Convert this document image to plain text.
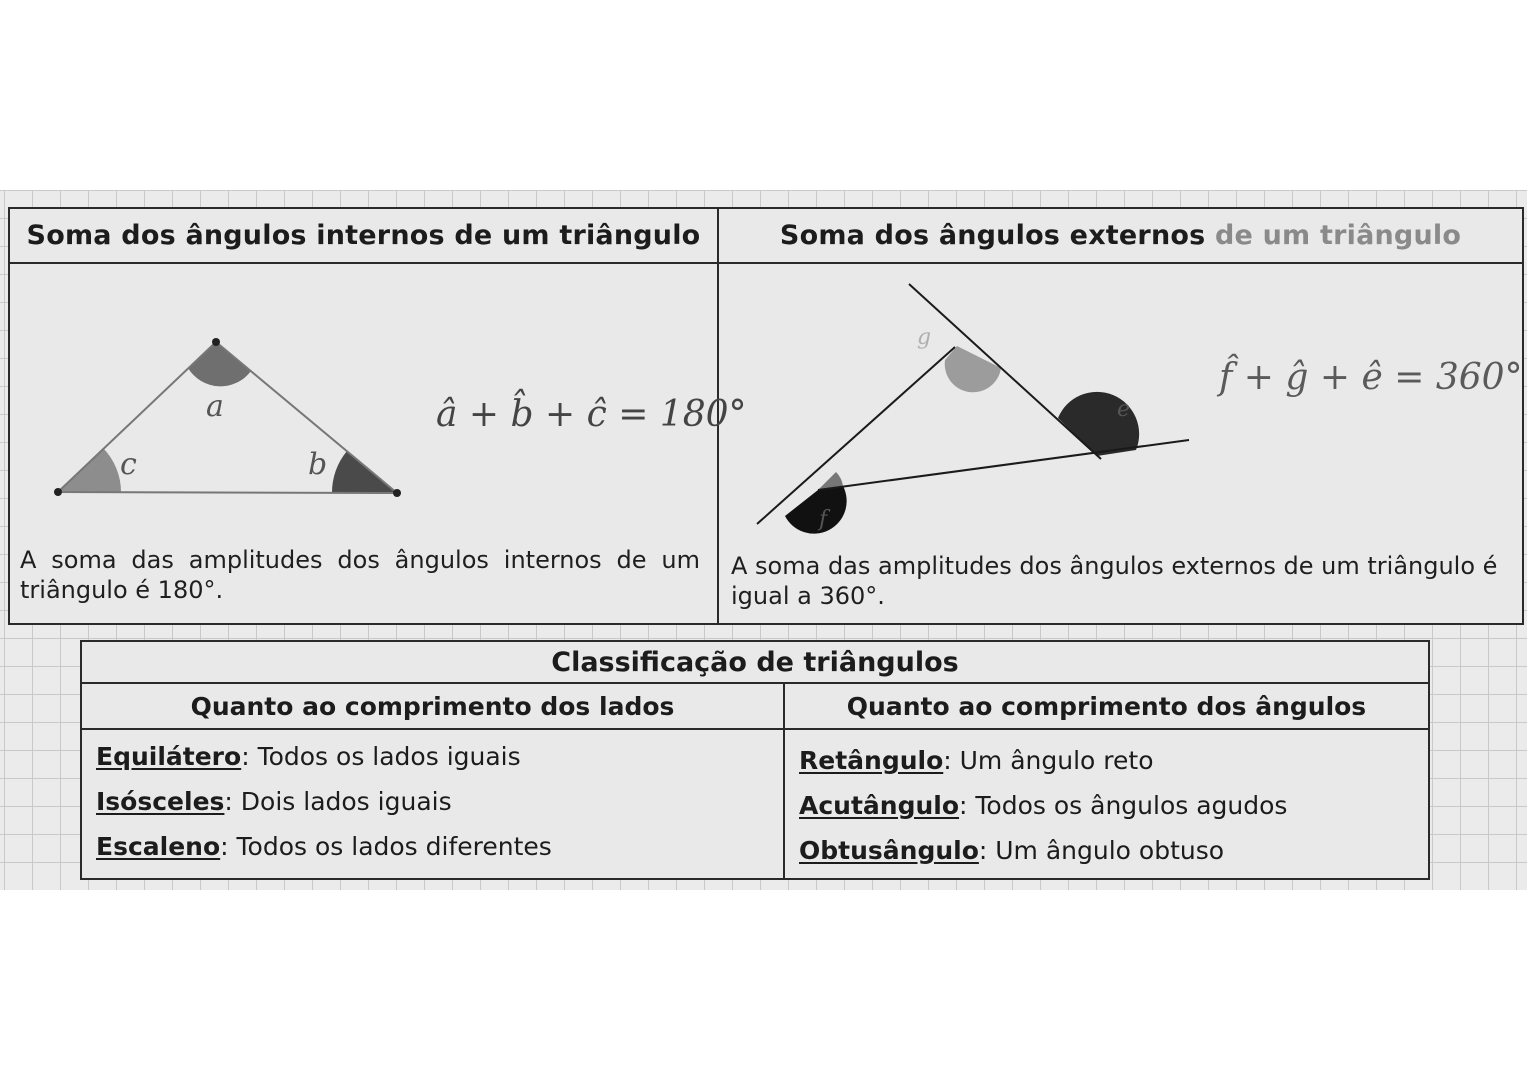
Soma dos ângulos internos de um triângulo
a
c	b
â + b̂ + ĉ = 180°
A soma das amplitudes dos ângulos internos de um triângulo é 180°.
Soma dos ângulos externos
de um triângulo
g
e
f
f̂ + ĝ + ê = 360°
A soma das amplitudes dos ângulos externos de um triângulo é igual a 360°.
Classificação de triângulos
Quanto ao comprimento dos lados
Equilátero: Todos os lados iguais
Isósceles: Dois lados iguais
Escaleno: Todos os lados diferentes
Quanto ao comprimento dos ângulos
Retângulo: Um ângulo reto
Acutângulo: Todos os ângulos agudos
Obtusângulo: Um ângulo obtuso
